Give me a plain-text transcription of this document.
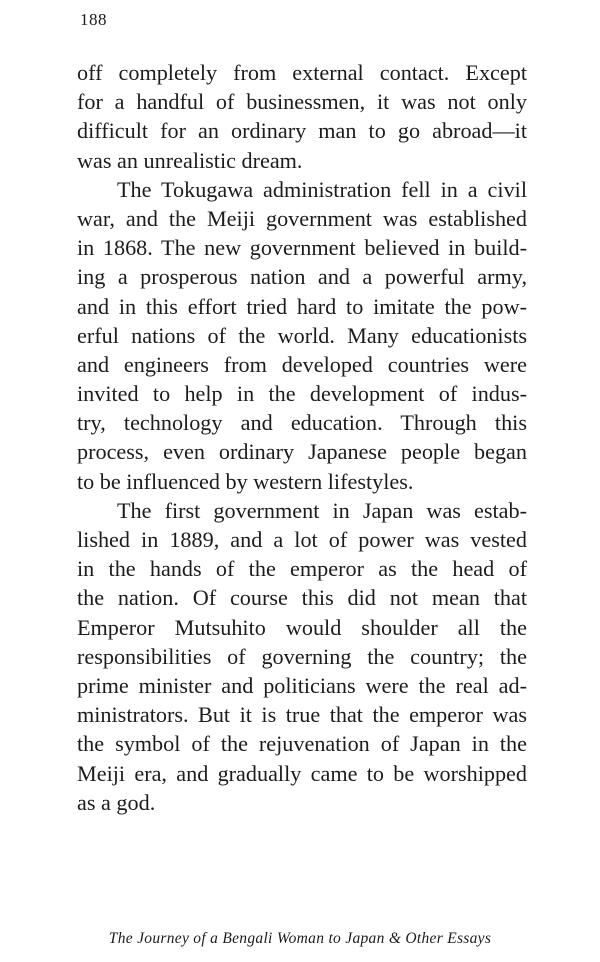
188
off completely from external contact. Except
for a handful of businessmen, it was not only
difficult for an ordinary man to go abroad—it
was an unrealistic dream.
The Tokugawa administration fell in a civil
war, and the Meiji government was established
in 1868. The new government believed in build-
ing a prosperous nation and a powerful army,
and in this effort tried hard to imitate the pow-
erful nations of the world. Many educationists
and engineers from developed countries were
invited to help in the development of indus-
try, technology and education. Through this
process, even ordinary Japanese people began
to be influenced by western lifestyles.
The first government in Japan was estab-
lished in 1889, and a lot of power was vested
in the hands of the emperor as the head of
the nation. Of course this did not mean that
Emperor Mutsuhito would shoulder all the
responsibilities of governing the country; the
prime minister and politicians were the real ad-
ministrators. But it is true that the emperor was
the symbol of the rejuvenation of Japan in the
Meiji era, and gradually came to be worshipped
as a god.
The Journey of a Bengali Woman to Japan & Other Essays
